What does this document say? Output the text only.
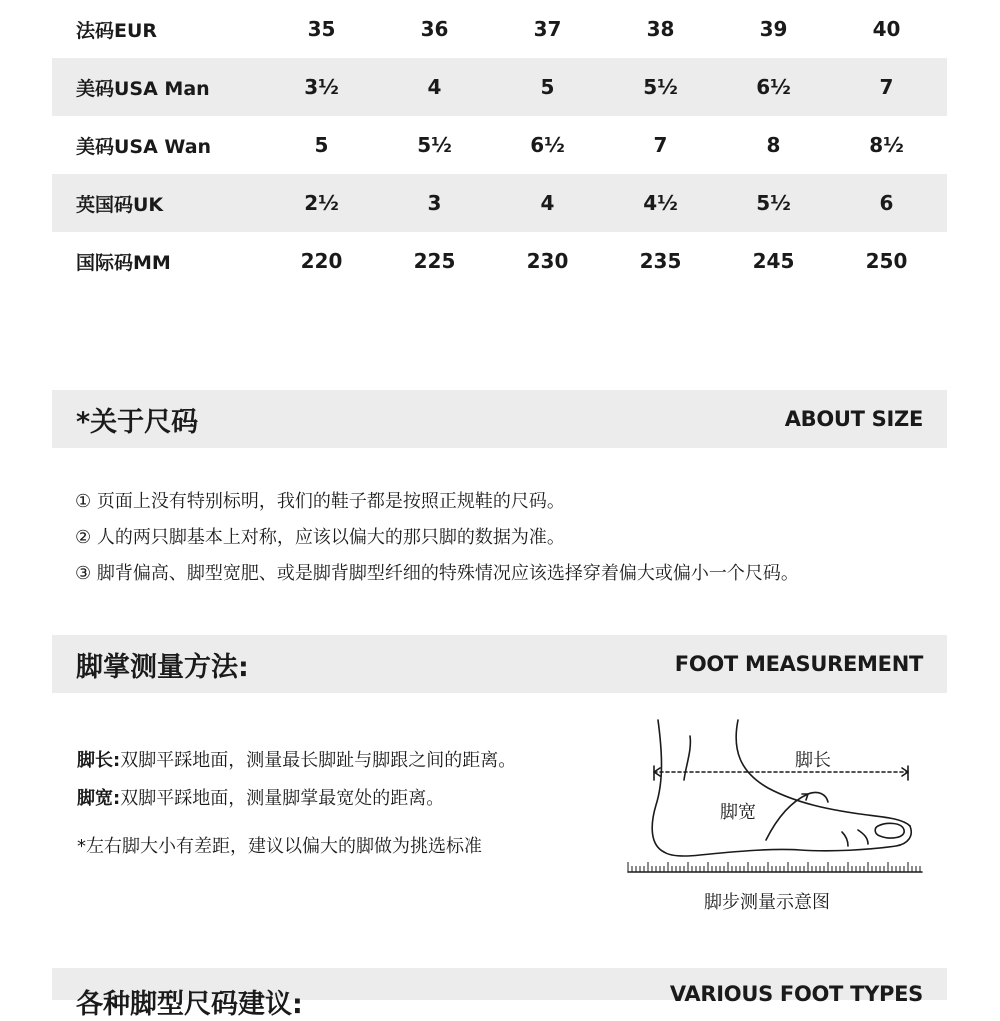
法码EUR	35	36	37	38	39	40
美码USA Man	3½	4	5	5½	6½	7
美码USA Wan	5	5½	6½	7	8	8½
英国码UK	2½	3	4	4½	5½	6
国际码MM	220	225	230	235	245	250
*关于尺码	ABOUT SIZE
① 页面上没有特别标明，我们的鞋子都是按照正规鞋的尺码。
② 人的两只脚基本上对称，应该以偏大的那只脚的数据为准。
③ 脚背偏高、脚型宽肥、或是脚背脚型纤细的特殊情况应该选择穿着偏大或偏小一个尺码。
脚掌测量方法:	FOOT MEASUREMENT
脚长:双脚平踩地面，测量最长脚趾与脚跟之间的距离。
脚宽:双脚平踩地面，测量脚掌最宽处的距离。
*左右脚大小有差距，建议以偏大的脚做为挑选标准
脚长
脚宽
脚步测量示意图
各种脚型尺码建议:	VARIOUS FOOT TYPES
